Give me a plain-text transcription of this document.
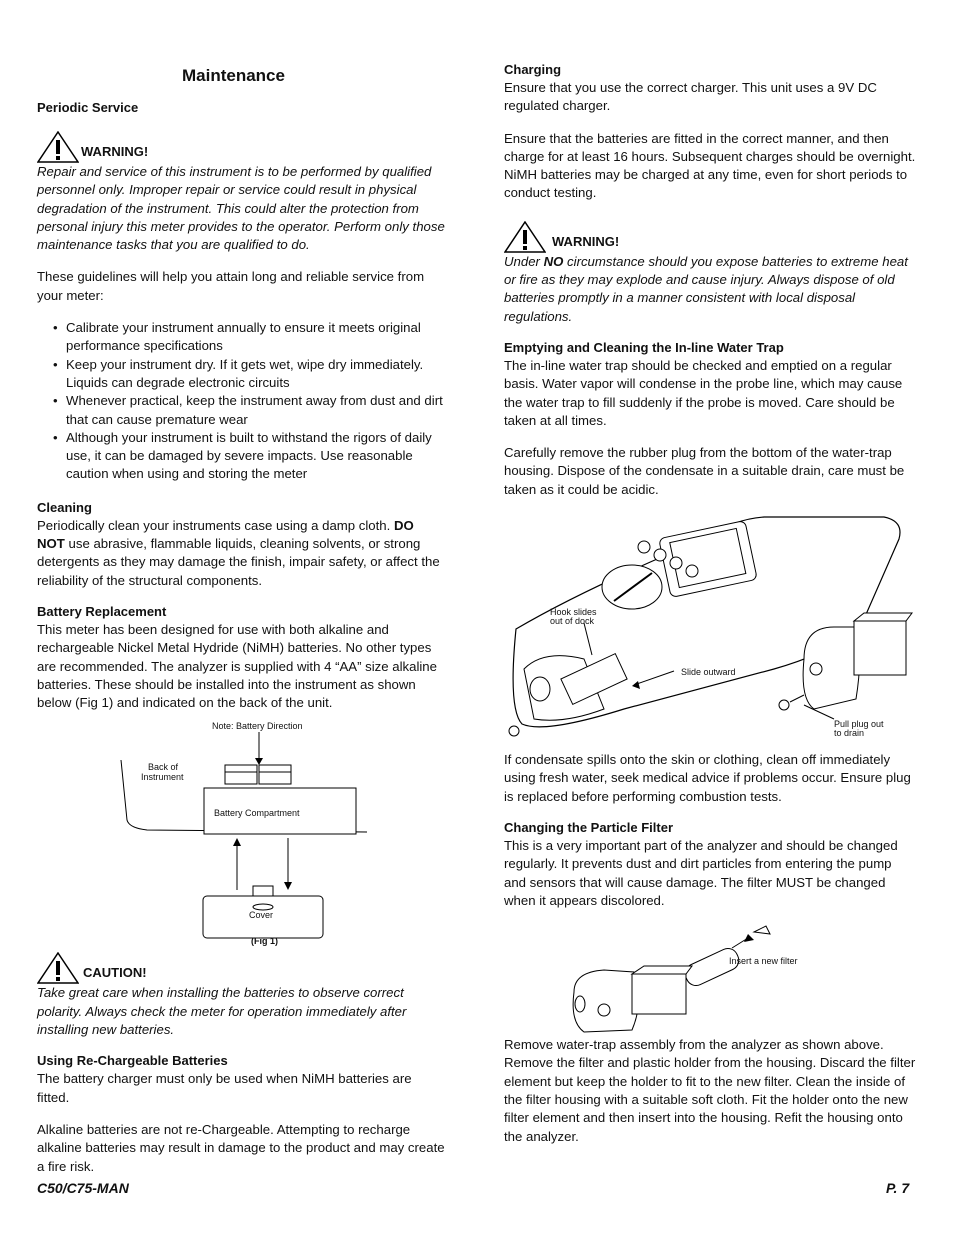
Maintenance
Periodic Service
WARNING!

Repair and service of this instrument is to be performed by qualified personnel only. Improper repair or service could result in physical degradation of the instrument. This could alter the protection from personal injury this meter provides to the operator. Perform only those maintenance tasks that you are qualified to do.

These guidelines will help you attain long and reliable service from your meter:

• Calibrate your instrument annually to ensure it meets original performance specifications
• Keep your instrument dry. If it gets wet, wipe dry immediately. Liquids can degrade electronic circuits
• Whenever practical, keep the instrument away from dust and dirt that can cause premature wear
• Although your instrument is built to withstand the rigors of daily use, it can be damaged by severe impacts. Use reasonable caution when using and storing the meter
Cleaning

Periodically clean your instruments case using a damp cloth. DO NOT use abrasive, flammable liquids, cleaning solvents, or strong detergents as they may damage the finish, impair safety, or affect the reliability of the structural components.

Battery Replacement

This meter has been designed for use with both alkaline and rechargeable Nickel Metal Hydride (NiMH) batteries. No other types are recommended. The analyzer is supplied with 4 “AA” size alkaline batteries. These should be installed into the instrument as shown below (Fig 1) and indicated on the back of the unit.

Note: Battery Direction
Back of
Instrument
Battery Compartment
Cover
(Fig 1)
CAUTION!

Take great care when installing the batteries to observe correct polarity. Always check the meter for operation immediately after installing new batteries.

Using Re-Chargeable Batteries

The battery charger must only be used when NiMH batteries are fitted.

Alkaline batteries are not re-Chargeable. Attempting to recharge alkaline batteries may result in damage to the product and may create a fire risk.

Charging

Ensure that you use the correct charger. This unit uses a 9V DC regulated charger.

Ensure that the batteries are fitted in the correct manner, and then charge for at least 16 hours. Subsequent charges should be overnight. NiMH batteries may be charged at any time, even for short periods to conduct testing.

WARNING!

Under NO circumstance should you expose batteries to extreme heat or fire as they may explode and cause injury. Always dispose of old batteries promptly in a manner consistent with local disposal regulations.

Emptying and Cleaning the In-line Water Trap

The in-line water trap should be checked and emptied on a regular basis. Water vapor will condense in the probe line, which may cause the water trap to fill suddenly if the probe is moved. Care should be taken at all times.

Carefully remove the rubber plug from the bottom of the water-trap housing. Dispose of the condensate in a suitable drain, care must be taken as it could be acidic.

Hook slides
out of dock
Slide outward
Pull plug out
to drain

If condensate spills onto the skin or clothing, clean off immediately using fresh water, seek medical advice if problems occur. Ensure plug is replaced before performing combustion tests.

Changing the Particle Filter

This is a very important part of the analyzer and should be changed regularly. It prevents dust and dirt particles from entering the pump and sensors that will cause damage. The filter MUST be changed when it appears discolored.

Insert a new filter

Remove water-trap assembly from the analyzer as shown above. Remove the filter and plastic holder from the housing. Discard the filter element but keep the holder to fit to the new filter. Clean the inside of the filter housing with a suitable soft cloth. Fit the holder onto the new filter element and then insert into the housing. Refit the housing onto the analyzer.

C50/C75-MAN	P. 7
